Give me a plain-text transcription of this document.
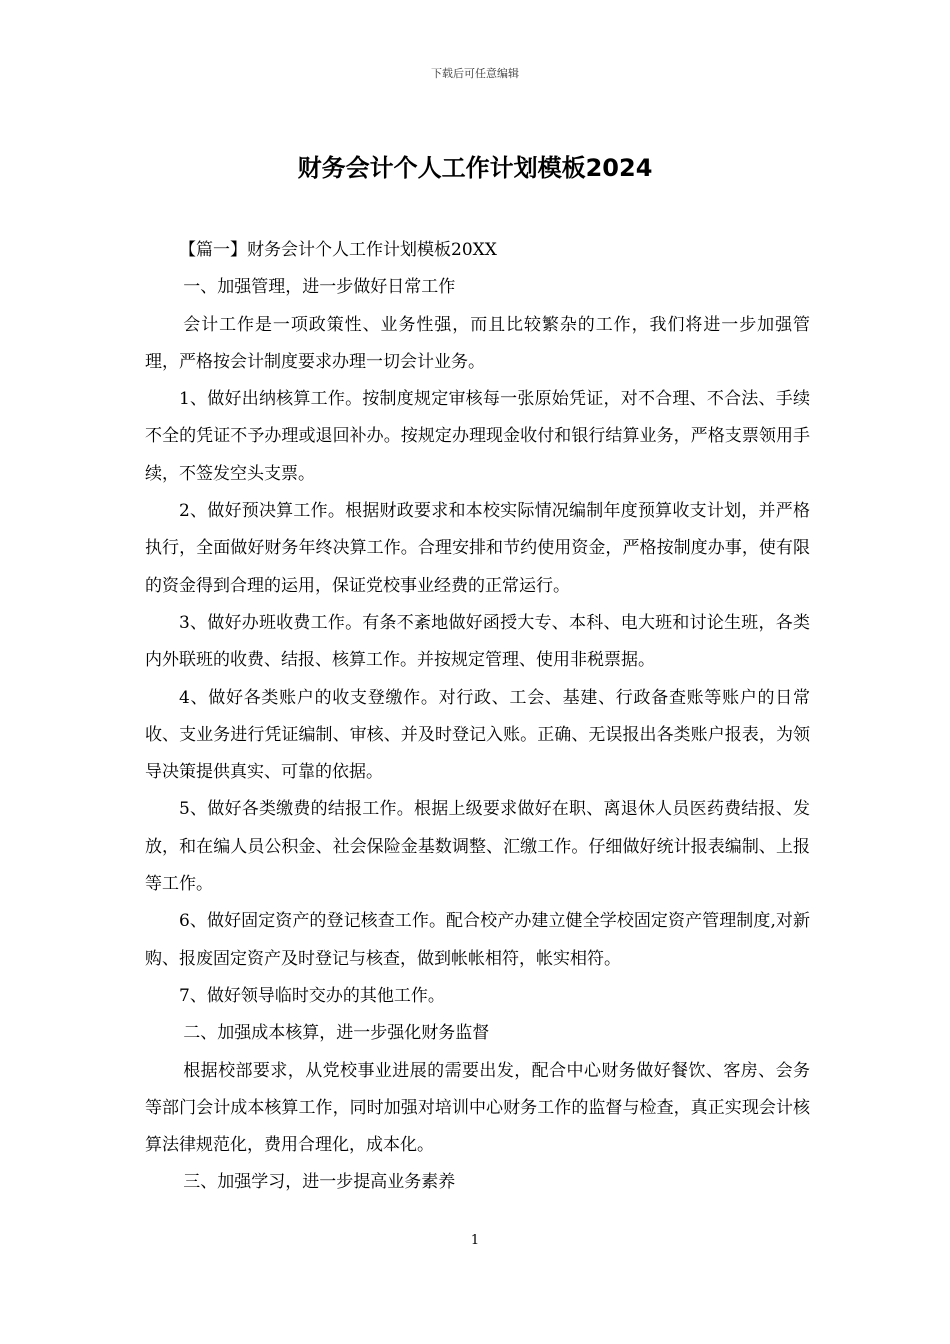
下载后可任意编辑
财务会计个人工作计划模板2024

【篇一】财务会计个人工作计划模板20XX

一、加强管理，进一步做好日常工作

会计工作是一项政策性、业务性强，而且比较繁杂的工作，我们将进一步加强管理，严格按会计制度要求办理一切会计业务。

1、做好出纳核算工作。按制度规定审核每一张原始凭证，对不合理、不合法、手续不全的凭证不予办理或退回补办。按规定办理现金收付和银行结算业务，严格支票领用手续，不签发空头支票。

2、做好预决算工作。根据财政要求和本校实际情况编制年度预算收支计划，并严格执行，全面做好财务年终决算工作。合理安排和节约使用资金，严格按制度办事，使有限的资金得到合理的运用，保证党校事业经费的正常运行。

3、做好办班收费工作。有条不紊地做好函授大专、本科、电大班和讨论生班，各类内外联班的收费、结报、核算工作。并按规定管理、使用非税票据。

4、做好各类账户的收支登缴作。对行政、工会、基建、行政备查账等账户的日常收、支业务进行凭证编制、审核、并及时登记入账。正确、无误报出各类账户报表，为领导决策提供真实、可靠的依据。

5、做好各类缴费的结报工作。根据上级要求做好在职、离退休人员医药费结报、发放，和在编人员公积金、社会保险金基数调整、汇缴工作。仔细做好统计报表编制、上报等工作。

6、做好固定资产的登记核查工作。配合校产办建立健全学校固定资产管理制度,对新购、报废固定资产及时登记与核查，做到帐帐相符，帐实相符。

7、做好领导临时交办的其他工作。

二、加强成本核算，进一步强化财务监督

根据校部要求，从党校事业进展的需要出发，配合中心财务做好餐饮、客房、会务等部门会计成本核算工作，同时加强对培训中心财务工作的监督与检查，真正实现会计核算法律规范化，费用合理化，成本化。

三、加强学习，进一步提高业务素养

1
